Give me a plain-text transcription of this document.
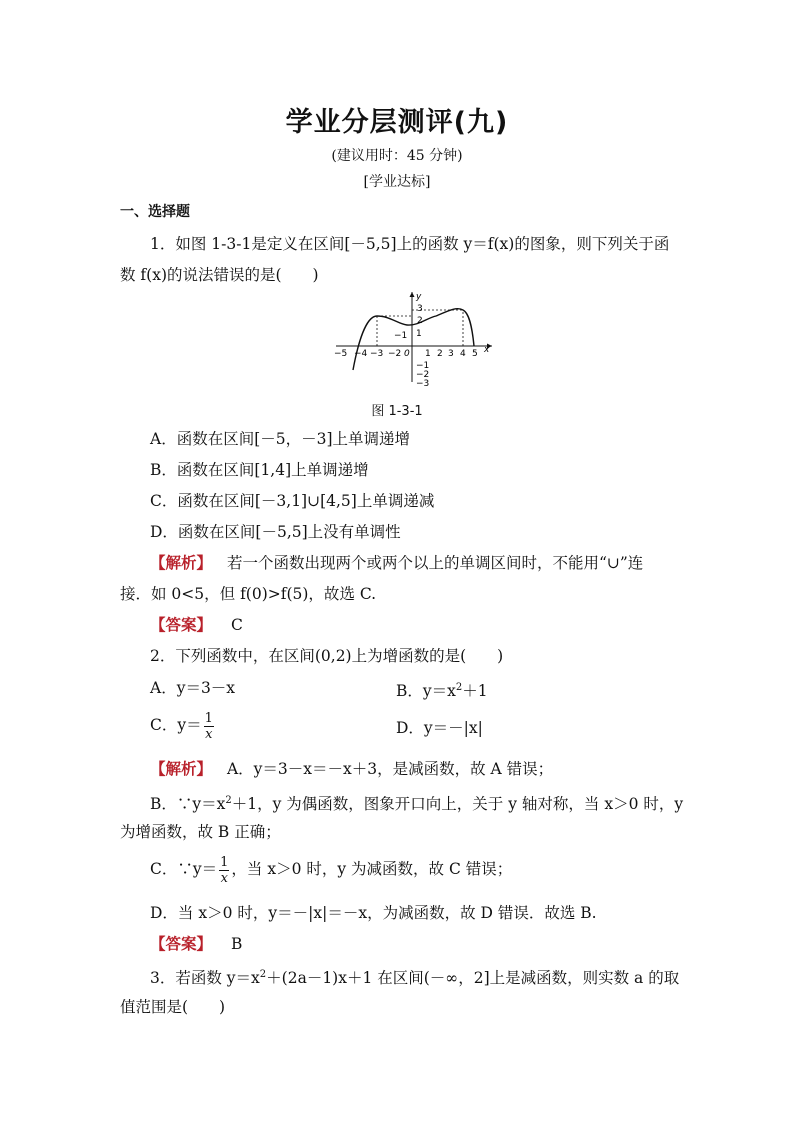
学业分层测评(九)
(建议用时：45 分钟)
[学业达标]
一、选择题
1．如图 1-3-1是定义在区间[－5,5]上的函数 y＝f(x)的图象，则下列关于函
数 f(x)的说法错误的是(　　)
−5 −4 −3 −2 0 1 2 3 4 5 x
y
3
2
−1
−2
−3
−1 1
图 1-3-1
A．函数在区间[－5，－3]上单调递增
B．函数在区间[1,4]上单调递增
C．函数在区间[－3,1]∪[4,5]上单调递减
D．函数在区间[－5,5]上没有单调性
【解析】 若一个函数出现两个或两个以上的单调区间时，不能用“∪”连
接．如 0<5，但 f(0)>f(5)，故选 C.
【答案】 C
2．下列函数中，在区间(0,2)上为增函数的是(　　)
A．y＝3－x	B．$y=x^2+1$
C．$y= \frac{1}{x}$	D．y＝－|x|
【解析】 A．y＝3－x＝－x＋3，是减函数，故 A 错误；
B．$\because y=x^2+1$，y 为偶函数，图象开口向上，关于 y 轴对称，当 x＞0 时，y
为增函数，故 B 正确；
C．∵y＝ $\frac{1}{x}$ ，当 x＞0 时，y 为减函数，故 C 错误；
D．当 x＞0 时，y＝－|x|＝－x，为减函数，故 D 错误．故选 B.
【答案】 B
3．若函数 $y=x^2+(2a-1)x+1$ 在区间(－∞，2]上是减函数，则实数 a 的取
值范围是(　　)
